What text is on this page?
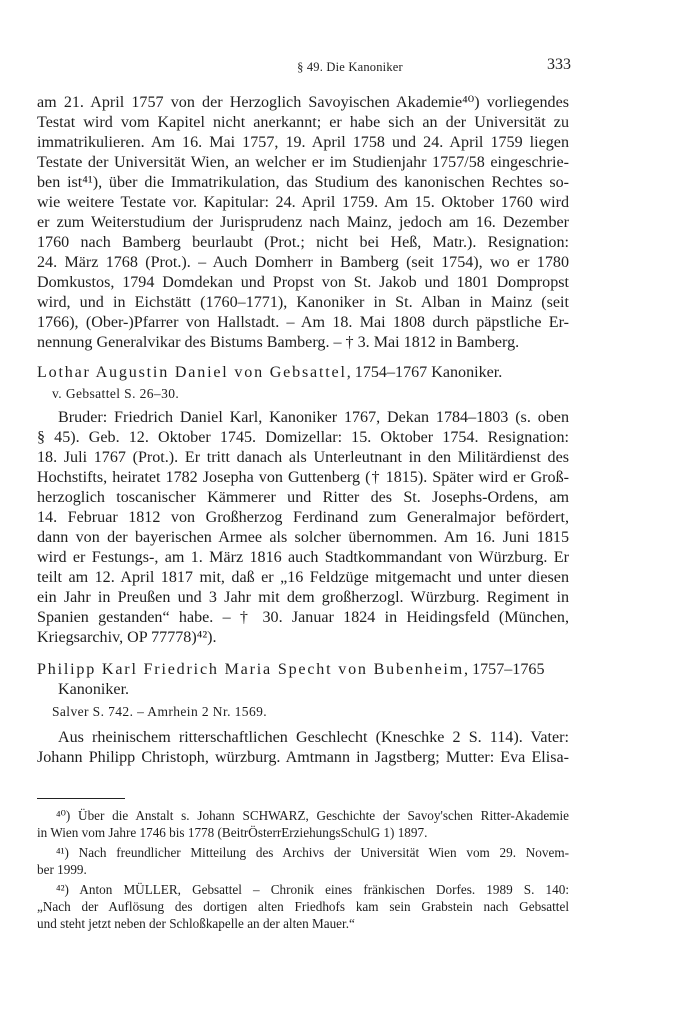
§ 49. Die Kanoniker	333
am 21. April 1757 von der Herzoglich Savoyischen Akademie⁴⁰) vorliegendes
Testat wird vom Kapitel nicht anerkannt; er habe sich an der Universität zu
immatrikulieren. Am 16. Mai 1757, 19. April 1758 und 24. April 1759 liegen
Testate der Universität Wien, an welcher er im Studienjahr 1757/58 eingeschrie-
ben ist⁴¹), über die Immatrikulation, das Studium des kanonischen Rechtes so-
wie weitere Testate vor. Kapitular: 24. April 1759. Am 15. Oktober 1760 wird
er zum Weiterstudium der Jurisprudenz nach Mainz, jedoch am 16. Dezember
1760 nach Bamberg beurlaubt (Prot.; nicht bei Heß, Matr.). Resignation:
24. März 1768 (Prot.). – Auch Domherr in Bamberg (seit 1754), wo er 1780
Domkustos, 1794 Domdekan und Propst von St. Jakob und 1801 Dompropst
wird, und in Eichstätt (1760–1771), Kanoniker in St. Alban in Mainz (seit
1766), (Ober-)Pfarrer von Hallstadt. – Am 18. Mai 1808 durch päpstliche Er-
nennung Generalvikar des Bistums Bamberg. – † 3. Mai 1812 in Bamberg.
Lothar Augustin Daniel von Gebsattel, 1754–1767 Kanoniker.
v. Gebsattel S. 26–30.
Bruder: Friedrich Daniel Karl, Kanoniker 1767, Dekan 1784–1803 (s. oben
§ 45). Geb. 12. Oktober 1745. Domizellar: 15. Oktober 1754. Resignation:
18. Juli 1767 (Prot.). Er tritt danach als Unterleutnant in den Militärdienst des
Hochstifts, heiratet 1782 Josepha von Guttenberg († 1815). Später wird er Groß-
herzoglich toscanischer Kämmerer und Ritter des St. Josephs-Ordens, am
14. Februar 1812 von Großherzog Ferdinand zum Generalmajor befördert,
dann von der bayerischen Armee als solcher übernommen. Am 16. Juni 1815
wird er Festungs-, am 1. März 1816 auch Stadtkommandant von Würzburg. Er
teilt am 12. April 1817 mit, daß er „16 Feldzüge mitgemacht und unter diesen
ein Jahr in Preußen und 3 Jahr mit dem großherzogl. Würzburg. Regiment in
Spanien gestanden“ habe. – † 30. Januar 1824 in Heidingsfeld (München,
Kriegsarchiv, OP 77778)⁴²).
Philipp Karl Friedrich Maria Specht von Bubenheim, 1757–1765
Kanoniker.
Salver S. 742. – Amrhein 2 Nr. 1569.
Aus rheinischem ritterschaftlichen Geschlecht (Kneschke 2 S. 114). Vater:
Johann Philipp Christoph, würzburg. Amtmann in Jagstberg; Mutter: Eva Elisa-
⁴⁰) Über die Anstalt s. Johann SCHWARZ, Geschichte der Savoy'schen Ritter-Akademie
in Wien vom Jahre 1746 bis 1778 (BeitrÖsterrErziehungsSchulG 1) 1897.
⁴¹) Nach freundlicher Mitteilung des Archivs der Universität Wien vom 29. Novem-
ber 1999.
⁴²) Anton MÜLLER, Gebsattel – Chronik eines fränkischen Dorfes. 1989 S. 140:
„Nach der Auflösung des dortigen alten Friedhofs kam sein Grabstein nach Gebsattel
und steht jetzt neben der Schloßkapelle an der alten Mauer.“
